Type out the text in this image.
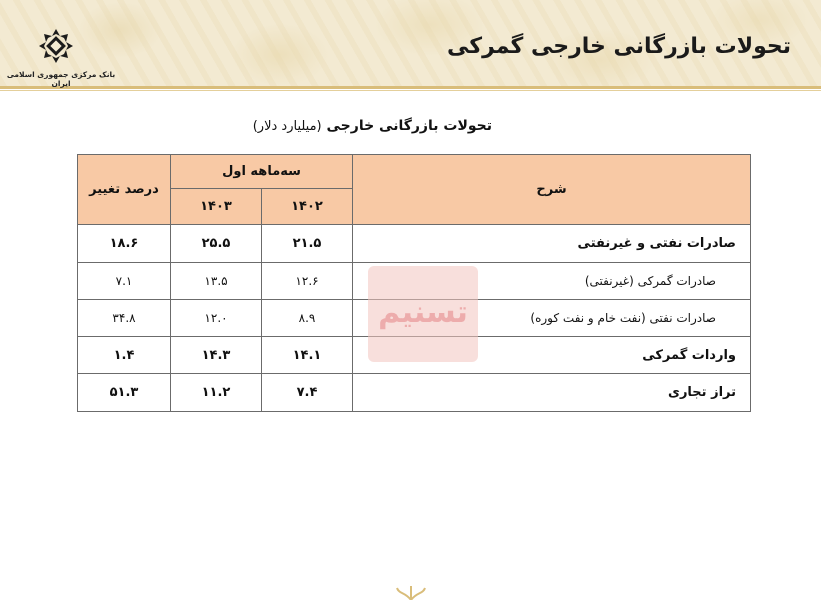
بانک مرکزی جمهوری اسلامی ایران
تحولات بازرگانی خارجی گمرکی
تحولات بازرگانی خارجی (میلیارد دلار)
شرح	سه‌ماهه اول		درصد تغییر
	۱۴۰۲	۱۴۰۳	
صادرات نفتی و غیرنفتی	۲۱.۵	۲۵.۵	۱۸.۶
صادرات گمرکی (غیرنفتی)	۱۲.۶	۱۳.۵	۷.۱
صادرات نفتی (نفت خام و نفت کوره)	۸.۹	۱۲.۰	۳۴.۸
واردات گمرکی	۱۴.۱	۱۴.۳	۱.۴
تراز تجاری	۷.۴	۱۱.۲	۵۱.۳
تسنیم
